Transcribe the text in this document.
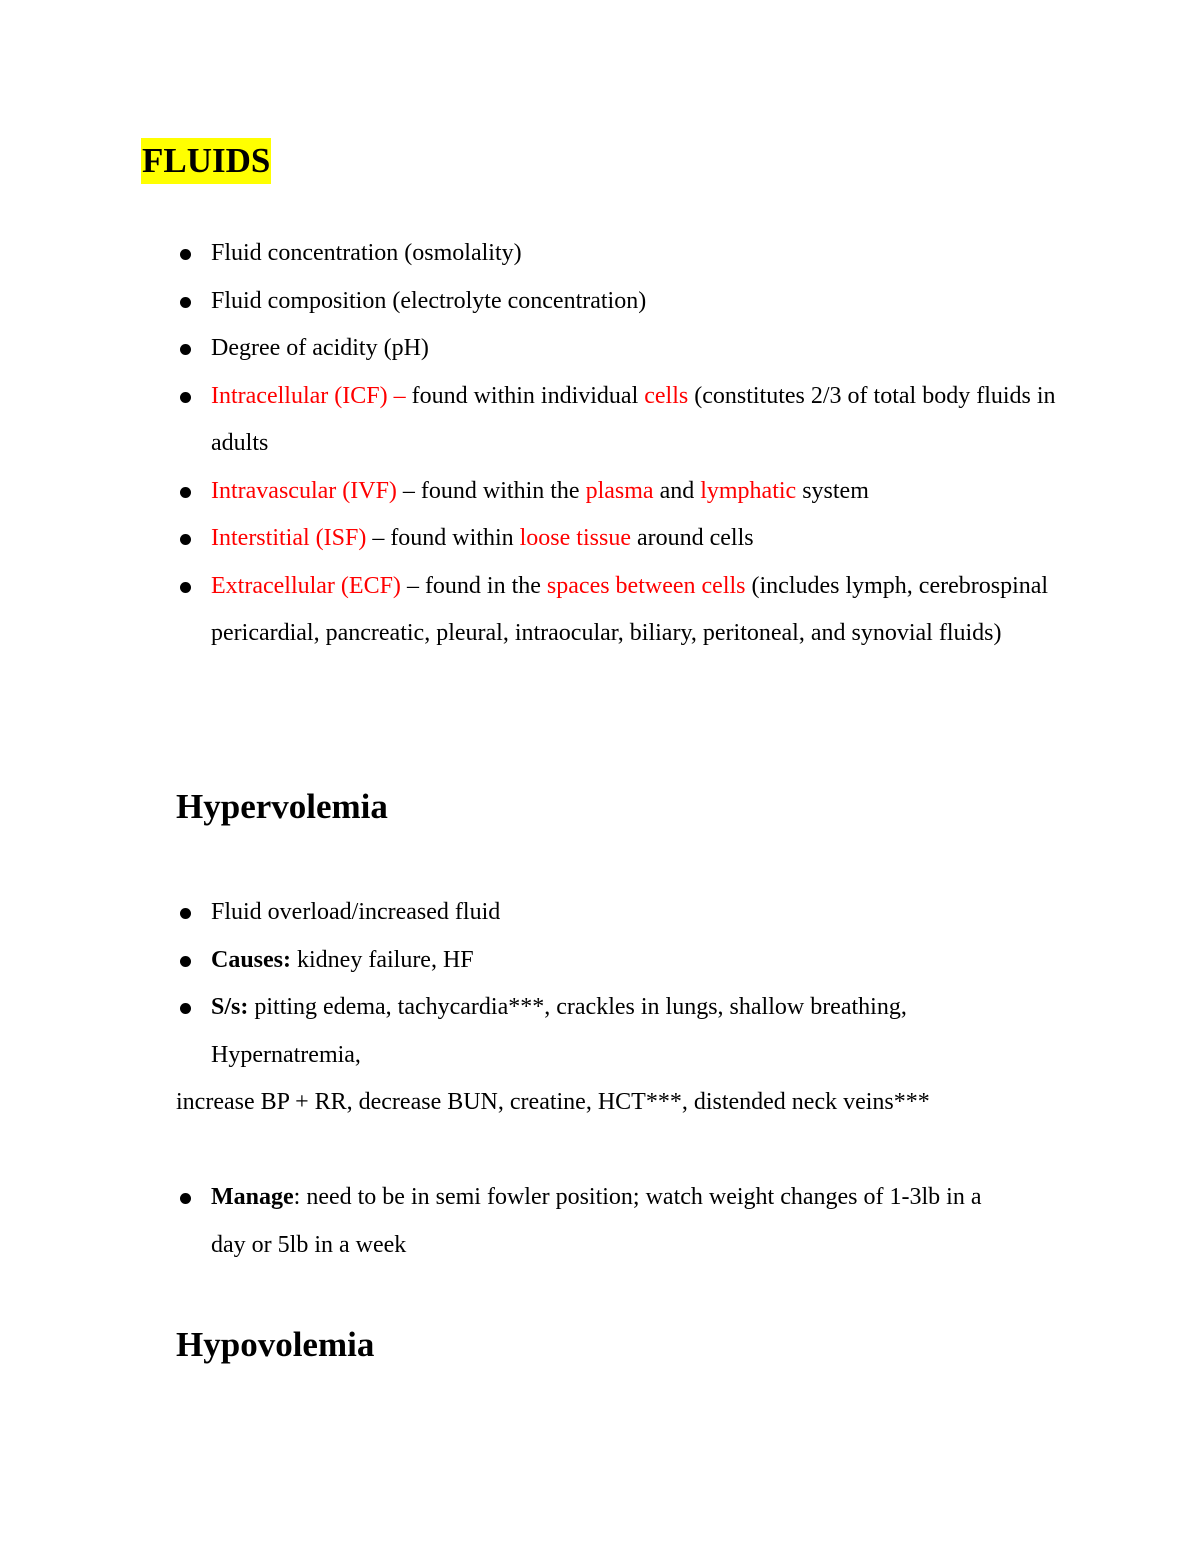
FLUIDS
Fluid concentration (osmolality)
Fluid composition (electrolyte concentration)
Degree of acidity (pH)
Intracellular (ICF) – found within individual cells (constitutes 2/3 of total body fluids in adults
Intravascular (IVF) – found within the plasma and lymphatic system
Interstitial (ISF) – found within loose tissue around cells
Extracellular (ECF) – found in the spaces between cells (includes lymph, cerebrospinal pericardial, pancreatic, pleural, intraocular, biliary, peritoneal, and synovial fluids)
Hypervolemia
Fluid overload/increased fluid
Causes: kidney failure, HF
S/s: pitting edema, tachycardia***, crackles in lungs, shallow breathing, Hypernatremia,

increase BP + RR, decrease BUN, creatine, HCT***, distended neck veins***

Manage: need to be in semi fowler position; watch weight changes of 1-3lb in a day or 5lb in a week
Hypovolemia
